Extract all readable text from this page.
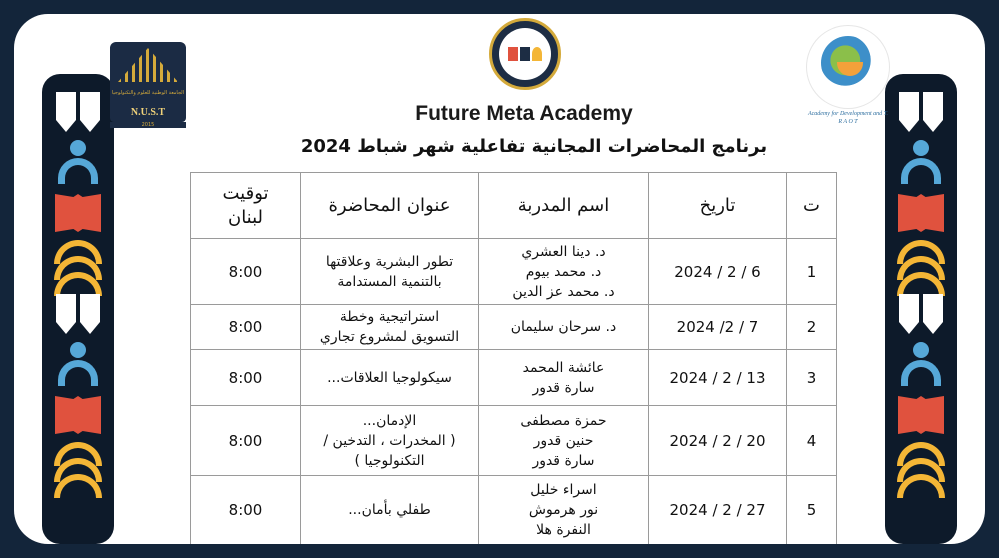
الجامعة الوطنية للعلوم والتكنولوجيا
N.U.S.T
2015
Academy for Development and T.
R A O T
Future Meta Academy
برنامج المحاضرات المجانية تفاعلية شهر شباط 2024
ت	تاريخ	اسم المدربة	عنوان المحاضرة	توقيت
لبنان
1	2024 / 2 / 6	د. دينا العشري
د. محمد بيوم
د. محمد عز الدين	تطور البشرية وعلاقتها
بالتنمية المستدامة	8:00
2	2024 /2 / 7	د. سرحان سليمان	استراتيجية وخطة
التسويق لمشروع تجاري	8:00
3	2024 / 2 / 13	عائشة المحمد
سارة قدور	سيكولوجيا العلاقات...	8:00
4	2024 / 2 / 20	حمزة مصطفى
حنين قدور
سارة قدور	الإدمان...
( المخدرات ، التدخين /
التكنولوجيا )	8:00
5	2024 / 2 / 27	اسراء خليل
نور هرموش
النفرة هلا	طفلي بأمان...	8:00
